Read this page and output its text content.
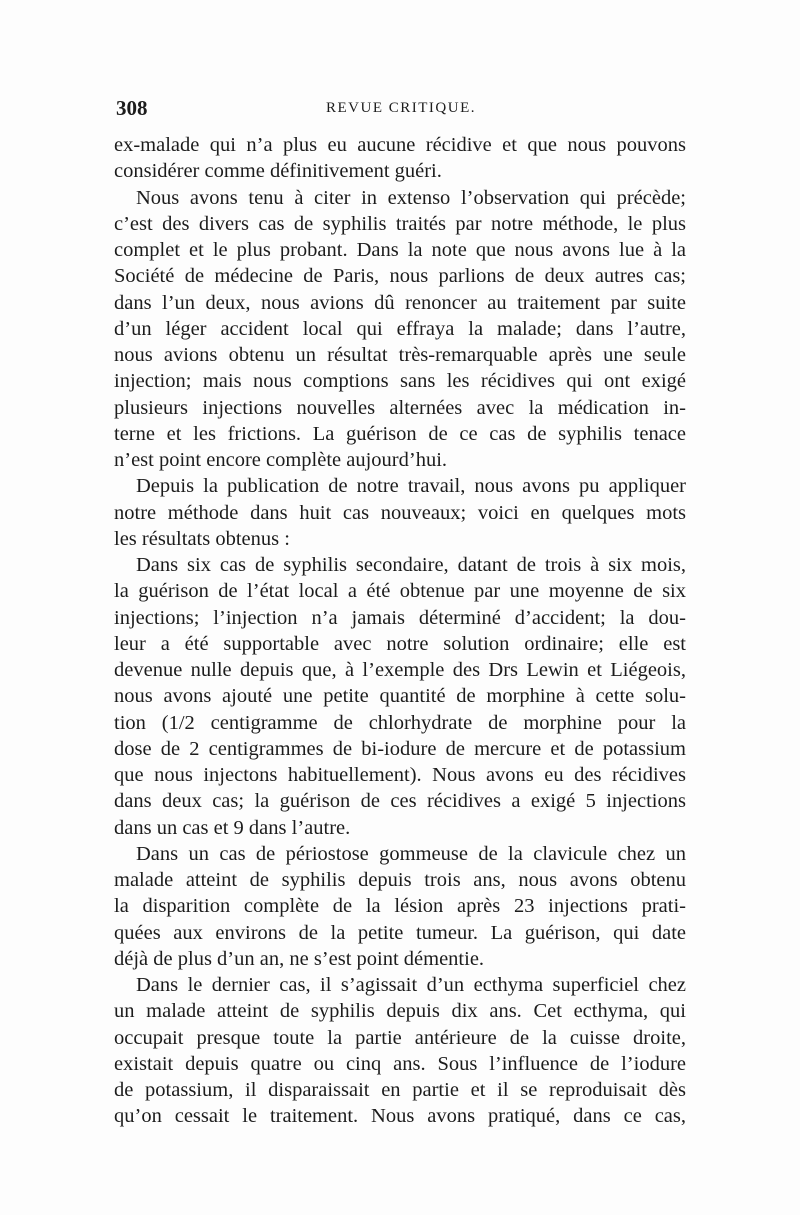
308	REVUE CRITIQUE.
ex-malade qui n’a plus eu aucune récidive et que nous pouvons
considérer comme définitivement guéri.
Nous avons tenu à citer in extenso l’observation qui précède;
c’est des divers cas de syphilis traités par notre méthode, le plus
complet et le plus probant. Dans la note que nous avons lue à la
Société de médecine de Paris, nous parlions de deux autres cas;
dans l’un deux, nous avions dû renoncer au traitement par suite
d’un léger accident local qui effraya la malade; dans l’autre,
nous avions obtenu un résultat très-remarquable après une seule
injection; mais nous comptions sans les récidives qui ont exigé
plusieurs injections nouvelles alternées avec la médication in-
terne et les frictions. La guérison de ce cas de syphilis tenace
n’est point encore complète aujourd’hui.
Depuis la publication de notre travail, nous avons pu appliquer
notre méthode dans huit cas nouveaux; voici en quelques mots
les résultats obtenus :
Dans six cas de syphilis secondaire, datant de trois à six mois,
la guérison de l’état local a été obtenue par une moyenne de six
injections; l’injection n’a jamais déterminé d’accident; la dou-
leur a été supportable avec notre solution ordinaire; elle est
devenue nulle depuis que, à l’exemple des Drs Lewin et Liégeois,
nous avons ajouté une petite quantité de morphine à cette solu-
tion (1/2 centigramme de chlorhydrate de morphine pour la
dose de 2 centigrammes de bi-iodure de mercure et de potassium
que nous injectons habituellement). Nous avons eu des récidives
dans deux cas; la guérison de ces récidives a exigé 5 injections
dans un cas et 9 dans l’autre.
Dans un cas de périostose gommeuse de la clavicule chez un
malade atteint de syphilis depuis trois ans, nous avons obtenu
la disparition complète de la lésion après 23 injections prati-
quées aux environs de la petite tumeur. La guérison, qui date
déjà de plus d’un an, ne s’est point démentie.
Dans le dernier cas, il s’agissait d’un ecthyma superficiel chez
un malade atteint de syphilis depuis dix ans. Cet ecthyma, qui
occupait presque toute la partie antérieure de la cuisse droite,
existait depuis quatre ou cinq ans. Sous l’influence de l’iodure
de potassium, il disparaissait en partie et il se reproduisait dès
qu’on cessait le traitement. Nous avons pratiqué, dans ce cas,
